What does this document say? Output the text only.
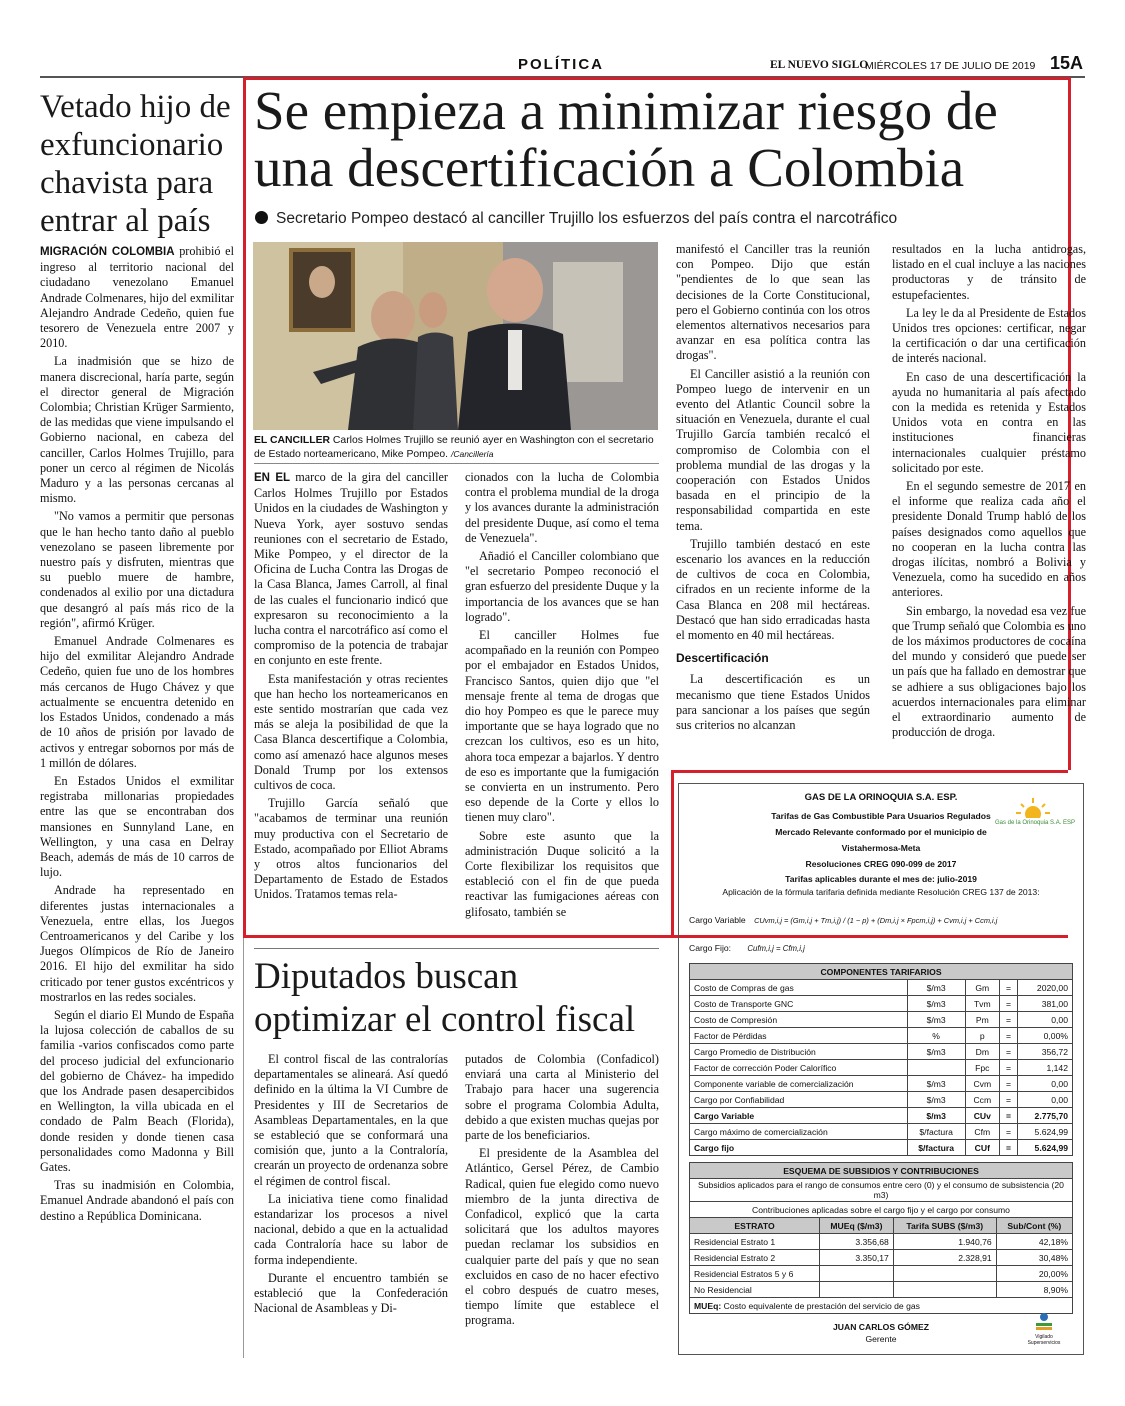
POLÍTICA	EL NUEVO SIGLO
MIÉRCOLES 17 DE JULIO DE 2019 15A
Vetado hijo de exfuncionario chavista para entrar al país

MIGRACIÓN COLOMBIA prohibió el ingreso al territorio nacional del ciudadano venezolano Emanuel Andrade Colmenares, hijo del exmilitar Alejandro Andrade Cedeño, quien fue tesorero de Venezuela entre 2007 y 2010.

La inadmisión que se hizo de manera discrecional, haría parte, según el director general de Migración Colombia; Christian Krüger Sarmiento, de las medidas que viene impulsando el Gobierno nacional, en cabeza del canciller, Carlos Holmes Trujillo, para poner un cerco al régimen de Nicolás Maduro y a las personas cercanas al mismo.

"No vamos a permitir que personas que le han hecho tanto daño al pueblo venezolano se paseen libremente por nuestro país y disfruten, mientras que su pueblo muere de hambre, condenados al exilio por una dictadura que desangró al país más rico de la región", afirmó Krüger.

Emanuel Andrade Colmenares es hijo del exmilitar Alejandro Andrade Cedeño, quien fue uno de los hombres más cercanos de Hugo Chávez y que actualmente se encuentra detenido en los Estados Unidos, condenado a más de 10 años de prisión por lavado de activos y entregar sobornos por más de 1 millón de dólares.

En Estados Unidos el exmilitar registraba millonarias propiedades entre las que se encontraban dos mansiones en Sunnyland Lane, en Wellington, y una casa en Delray Beach, además de más de 10 carros de lujo.

Andrade ha representado en diferentes justas internacionales a Venezuela, entre ellas, los Juegos Centroamericanos y del Caribe y los Juegos Olímpicos de Río de Janeiro 2016. El hijo del exmilitar ha sido criticado por tener gustos excéntricos y mostrarlos en las redes sociales.

Según el diario El Mundo de España la lujosa colección de caballos de su familia -varios confiscados como parte del proceso judicial del exfuncionario del gobierno de Chávez- ha impedido que los Andrade pasen desapercibidos en Wellington, la villa ubicada en el condado de Palm Beach (Florida), donde residen y donde tienen casa personalidades como Madonna y Bill Gates.

Tras su inadmisión en Colombia, Emanuel Andrade abandonó el país con destino a República Dominicana.

Se empieza a minimizar riesgo de una descertificación a Colombia
Secretario Pompeo destacó al canciller Trujillo los esfuerzos del país contra el narcotráfico
EL CANCILLER Carlos Holmes Trujillo se reunió ayer en Washington con el secretario de Estado norteamericano, Mike Pompeo. /Cancillería

EN EL marco de la gira del canciller Carlos Holmes Trujillo por Estados Unidos en la ciudades de Washington y Nueva York, ayer sostuvo sendas reuniones con el secretario de Estado, Mike Pompeo, y el director de la Oficina de Lucha Contra las Drogas de la Casa Blanca, James Carroll, al final de las cuales el funcionario indicó que expresaron su reconocimiento a la lucha contra el narcotráfico así como el compromiso de la potencia de trabajar en conjunto en este frente.

Esta manifestación y otras recientes que han hecho los norteamericanos en este sentido mostrarían que cada vez más se aleja la posibilidad de que la Casa Blanca descertifique a Colombia, como así amenazó hace algunos meses Donald Trump por los extensos cultivos de coca.

Trujillo García señaló que "acabamos de terminar una reunión muy productiva con el Secretario de Estado, acompañado por Elliot Abrams y otros altos funcionarios del Departamento de Estado de Estados Unidos. Tratamos temas rela-

cionados con la lucha de Colombia contra el problema mundial de la droga y los avances durante la administración del presidente Duque, así como el tema de Venezuela".

Añadió el Canciller colombiano que "el secretario Pompeo reconoció el gran esfuerzo del presidente Duque y la importancia de los avances que se han logrado".

El canciller Holmes fue acompañado en la reunión con Pompeo por el embajador en Estados Unidos, Francisco Santos, quien dijo que "el mensaje frente al tema de drogas que dio hoy Pompeo es que le parece muy importante que se haya logrado que no crezcan los cultivos, eso es un hito, ahora toca empezar a bajarlos. Y dentro de eso es importante que la fumigación se convierta en un instrumento. Pero eso depende de la Corte y ellos lo tienen muy claro".

Sobre este asunto que la administración Duque solicitó a la Corte flexibilizar los requisitos que estableció con el fin de que pueda reactivar las fumigaciones aéreas con glifosato, también se

manifestó el Canciller tras la reunión con Pompeo. Dijo que están "pendientes de lo que sean las decisiones de la Corte Constitucional, pero el Gobierno continúa con los otros elementos alternativos necesarios para avanzar en esa política contra las drogas".

El Canciller asistió a la reunión con Pompeo luego de intervenir en un evento del Atlantic Council sobre la situación en Venezuela, durante el cual Trujillo García también recalcó el compromiso de Colombia con el problema mundial de las drogas y la cooperación con Estados Unidos basada en el principio de la responsabilidad compartida en este tema.

Trujillo también destacó en este escenario los avances en la reducción de cultivos de coca en Colombia, cifrados en un reciente informe de la Casa Blanca en 208 mil hectáreas. Destacó que han sido erradicadas hasta el momento en 40 mil hectáreas.

Descertificación

La descertificación es un mecanismo que tiene Estados Unidos para sancionar a los países que según sus criterios no alcanzan

resultados en la lucha antidrogas, listado en el cual incluye a las naciones productoras y de tránsito de estupefacientes.

La ley le da al Presidente de Estados Unidos tres opciones: certificar, negar la certificación o dar una certificación de interés nacional.

En caso de una descertificación la ayuda no humanitaria al país afectado con la medida es retenida y Estados Unidos vota en contra en las instituciones financieras internacionales cualquier préstamo solicitado por este.

En el segundo semestre de 2017 en el informe que realiza cada año el presidente Donald Trump habló de los países designados como aquellos que no cooperan en la lucha contra las drogas ilícitas, nombró a Bolivia y Venezuela, como ha sucedido en años anteriores.

Sin embargo, la novedad esa vez fue que Trump señaló que Colombia es uno de los máximos productores de cocaína del mundo y consideró que puede ser un país que ha fallado en demostrar que se adhiere a sus obligaciones bajo los acuerdos internacionales para eliminar el extraordinario aumento de producción de droga.

Diputados buscan optimizar el control fiscal

El control fiscal de las contralorías departamentales se alineará. Así quedó definido en la última la VI Cumbre de Presidentes y III de Secretarios de Asambleas Departamentales, en la que se estableció que se conformará una comisión que, junto a la Contraloría, crearán un proyecto de ordenanza sobre el régimen de control fiscal.

La iniciativa tiene como finalidad estandarizar los procesos a nivel nacional, debido a que en la actualidad cada Contraloría hace su labor de forma independiente.

Durante el encuentro también se estableció que la Confederación Nacional de Asambleas y Di-

putados de Colombia (Confadicol) enviará una carta al Ministerio del Trabajo para hacer una sugerencia sobre el programa Colombia Adulta, debido a que existen muchas quejas por parte de los beneficiarios.

El presidente de la Asamblea del Atlántico, Gersel Pérez, de Cambio Radical, quien fue elegido como nuevo miembro de la junta directiva de Confadicol, explicó que la carta solicitará que los adultos mayores puedan reclamar los subsidios en cualquier parte del país y que no sean excluidos en caso de no hacer efectivo el cobro después de cuatro meses, tiempo límite que establece el programa.

GAS DE LA ORINOQUIA S.A. ESP.
Gas de la Orinoquia S.A. ESP
Tarifas de Gas Combustible Para Usuarios Regulados
Mercado Relevante conformado por el municipio de
Vistahermosa-Meta
Resoluciones CREG 090-099 de 2017
Tarifas aplicables durante el mes de: julio-2019
Aplicación de la fórmula tarifaria definida mediante Resolución CREG 137 de 2013:
Cargo Variable CUvm,i,j = (Gm,i,j + Tm,i,j) / (1 − p) + (Dm,i,j × Fpcm,i,j) + Cvm,i,j + Ccm,i,j
Cargo Fijo: Cufm,i,j = Cfm,i,j
COMPONENTES TARIFARIOS				
Costo de Compras de gas	$/m3	Gm	=	2020,00
Costo de Transporte GNC	$/m3	Tvm	=	381,00
Costo de Compresión	$/m3	Pm	=	0,00
Factor de Pérdidas	%	p	=	0,00%
Cargo Promedio de Distribución	$/m3	Dm	=	356,72
Factor de corrección Poder Calorífico		Fpc	=	1,142
Componente variable de comercialización	$/m3	Cvm	=	0,00
Cargo por Confiabilidad	$/m3	Ccm	=	0,00
Cargo Variable	$/m3	CUv	=	2.775,70
Cargo máximo de comercialización	$/factura	Cfm	=	5.624,99
Cargo fijo	$/factura	CUf	=	5.624,99
ESQUEMA DE SUBSIDIOS Y CONTRIBUCIONES			
Subsidios aplicados para el rango de consumos entre cero (0) y el consumo de subsistencia (20 m3)			
Contribuciones aplicadas sobre el cargo fijo y el cargo por consumo			
ESTRATO	MUEq ($/m3)	Tarifa SUBS ($/m3)	Sub/Cont (%)
Residencial Estrato 1	3.356,68	1.940,76	42,18%
Residencial Estrato 2	3.350,17	2.328,91	30,48%
Residencial Estratos 5 y 6			20,00%
No Residencial			8,90%
MUEq: Costo equivalente de prestación del servicio de gas			
JUAN CARLOS GÓMEZ
Gerente	Vigilado Superservicios
